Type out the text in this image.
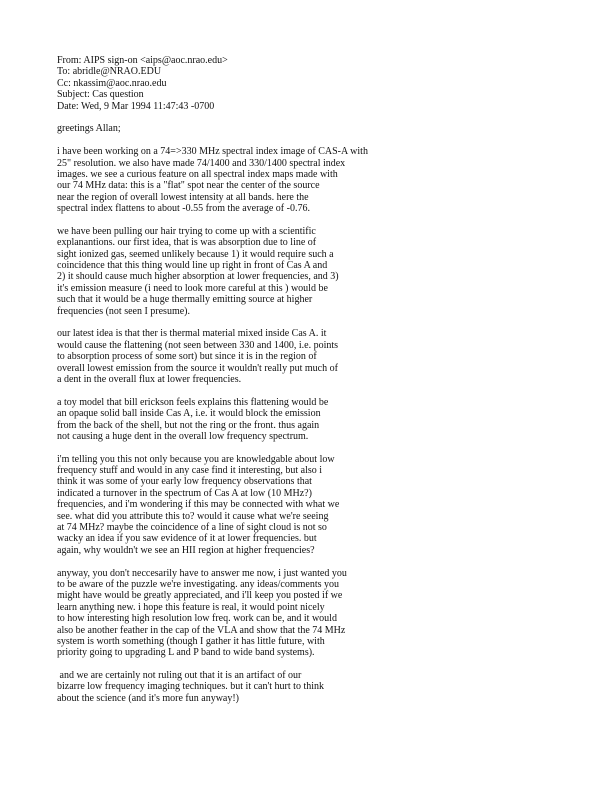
From: AIPS sign-on <aips@aoc.nrao.edu>
To: abridle@NRAO.EDU
Cc: nkassim@aoc.nrao.edu
Subject: Cas question
Date: Wed, 9 Mar 1994 11:47:43 -0700
greetings Allan;
i have been working on a 74=>330 MHz spectral index image of CAS-A with
25" resolution. we also have made 74/1400 and 330/1400 spectral index
images. we see a curious feature on all spectral index maps made with
our 74 MHz data: this is a "flat" spot near the center of the source
near the region of overall lowest intensity at all bands. here the
spectral index flattens to about -0.55 from the average of -0.76.
we have been pulling our hair trying to come up with a scientific
explanantions. our first idea, that is was absorption due to line of
sight ionized gas, seemed unlikely because 1) it would require such a
coincidence that this thing would line up right in front of Cas A and
2) it should cause much higher absorption at lower frequencies, and 3)
it's emission measure (i need to look more careful at this ) would be
such that it would be a huge thermally emitting source at higher
frequencies (not seen I presume).
our latest idea is that ther is thermal material mixed inside Cas A. it
would cause the flattening (not seen between 330 and 1400, i.e. points
to absorption process of some sort) but since it is in the region of
overall lowest emission from the source it wouldn't really put much of
a dent in the overall flux at lower frequencies.
a toy model that bill erickson feels explains this flattening would be
an opaque solid ball inside Cas A, i.e. it would block the emission
from the back of the shell, but not the ring or the front. thus again
not causing a huge dent in the overall low frequency spectrum.
i'm telling you this not only because you are knowledgable about low
frequency stuff and would in any case find it interesting, but also i
think it was some of your early low frequency observations that
indicated a turnover in the spectrum of Cas A at low (10 MHz?)
frequencies, and i'm wondering if this may be connected with what we
see. what did you attribute this to? would it cause what we're seeing
at 74 MHz? maybe the coincidence of a line of sight cloud is not so
wacky an idea if you saw evidence of it at lower frequencies. but
again, why wouldn't we see an HII region at higher frequencies?
anyway, you don't neccesarily have to answer me now, i just wanted you
to be aware of the puzzle we're investigating. any ideas/comments you
might have would be greatly appreciated, and i'll keep you posted if we
learn anything new. i hope this feature is real, it would point nicely
to how interesting high resolution low freq. work can be, and it would
also be another feather in the cap of the VLA and show that the 74 MHz
system is worth something (though I gather it has little future, with
priority going to upgrading L and P band to wide band systems).
and we are certainly not ruling out that it is an artifact of our
bizarre low frequency imaging techniques. but it can't hurt to think
about the science (and it's more fun anyway!)
